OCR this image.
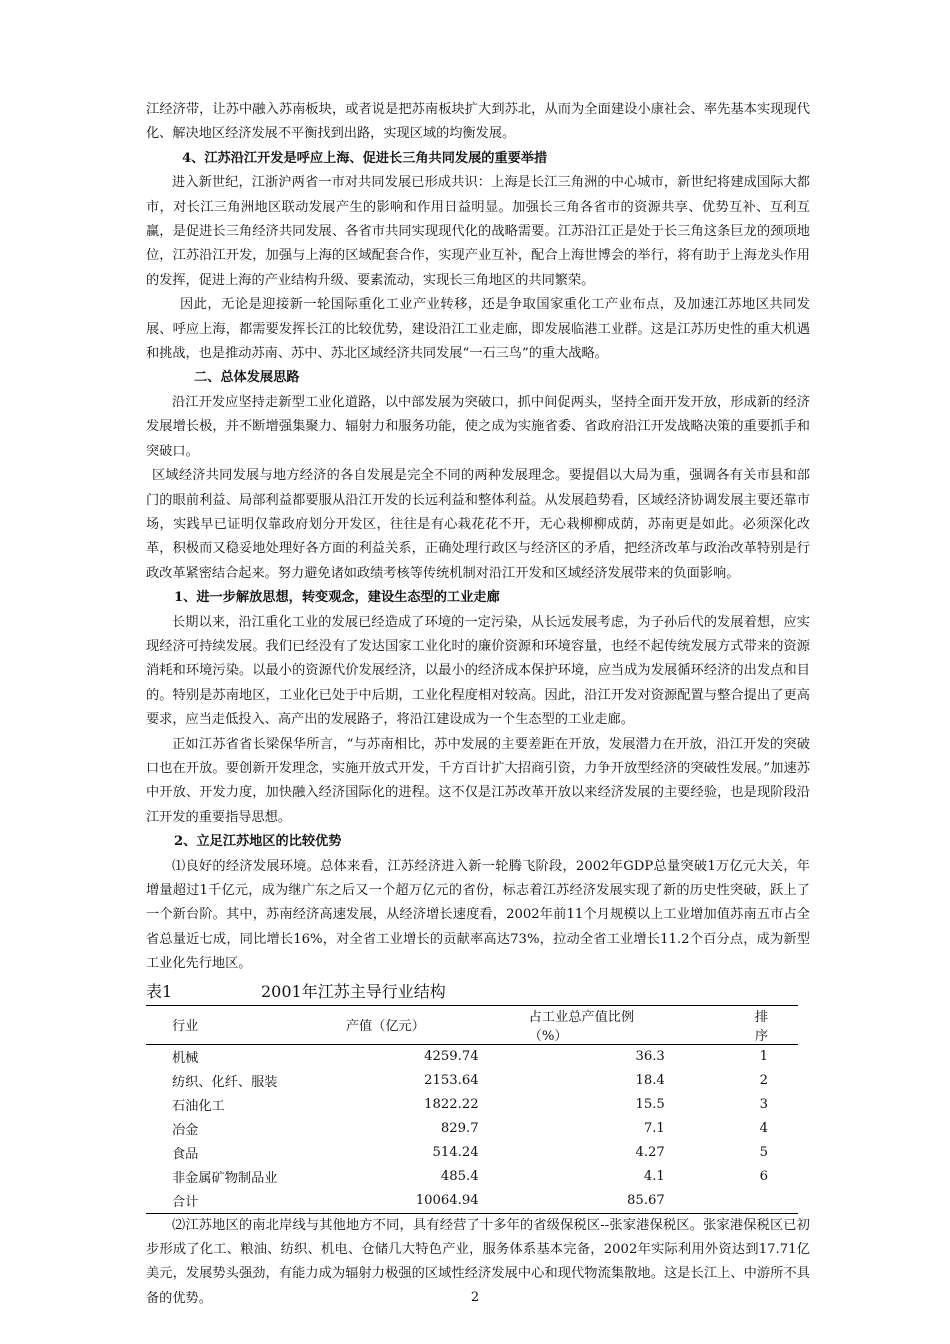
江经济带，让苏中融入苏南板块，或者说是把苏南板块扩大到苏北，从而为全面建设小康社会、率先基本实现现代化、解决地区经济发展不平衡找到出路，实现区域的均衡发展。

4、江苏沿江开发是呼应上海、促进长三角共同发展的重要举措

进入新世纪，江浙沪两省一市对共同发展已形成共识：上海是长江三角洲的中心城市，新世纪将建成国际大都市，对长江三角洲地区联动发展产生的影响和作用日益明显。加强长三角各省市的资源共享、优势互补、互利互赢，是促进长三角经济共同发展、各省市共同实现现代化的战略需要。江苏沿江正是处于长三角这条巨龙的颈项地位，江苏沿江开发，加强与上海的区域配套合作，实现产业互补，配合上海世博会的举行，将有助于上海龙头作用的发挥，促进上海的产业结构升级、要素流动，实现长三角地区的共同繁荣。

因此，无论是迎接新一轮国际重化工业产业转移，还是争取国家重化工产业布点，及加速江苏地区共同发展、呼应上海，都需要发挥长江的比较优势，建设沿江工业走廊，即发展临港工业群。这是江苏历史性的重大机遇和挑战，也是推动苏南、苏中、苏北区域经济共同发展“一石三鸟”的重大战略。

二、总体发展思路

沿江开发应坚持走新型工业化道路，以中部发展为突破口，抓中间促两头，坚持全面开发开放，形成新的经济发展增长极，并不断增强集聚力、辐射力和服务功能，使之成为实施省委、省政府沿江开发战略决策的重要抓手和突破口。

区域经济共同发展与地方经济的各自发展是完全不同的两种发展理念。要提倡以大局为重，强调各有关市县和部门的眼前利益、局部利益都要服从沿江开发的长远利益和整体利益。从发展趋势看，区域经济协调发展主要还靠市场，实践早已证明仅靠政府划分开发区，往往是有心栽花花不开，无心栽柳柳成荫，苏南更是如此。必须深化改革，积极而又稳妥地处理好各方面的利益关系，正确处理行政区与经济区的矛盾，把经济改革与政治改革特别是行政改革紧密结合起来。努力避免诸如政绩考核等传统机制对沿江开发和区域经济发展带来的负面影响。

1、进一步解放思想，转变观念，建设生态型的工业走廊

长期以来，沿江重化工业的发展已经造成了环境的一定污染，从长远发展考虑，为子孙后代的发展着想，应实现经济可持续发展。我们已经没有了发达国家工业化时的廉价资源和环境容量，也经不起传统发展方式带来的资源消耗和环境污染。以最小的资源代价发展经济，以最小的经济成本保护环境，应当成为发展循环经济的出发点和目的。特别是苏南地区，工业化已处于中后期，工业化程度相对较高。因此，沿江开发对资源配置与整合提出了更高要求，应当走低投入、高产出的发展路子，将沿江建设成为一个生态型的工业走廊。

正如江苏省省长梁保华所言，“与苏南相比，苏中发展的主要差距在开放，发展潜力在开放，沿江开发的突破口也在开放。要创新开发理念，实施开放式开发，千方百计扩大招商引资，力争开放型经济的突破性发展。”加速苏中开放、开发力度，加快融入经济国际化的进程。这不仅是江苏改革开放以来经济发展的主要经验，也是现阶段沿江开发的重要指导思想。

2、立足江苏地区的比较优势

⑴良好的经济发展环境。总体来看，江苏经济进入新一轮腾飞阶段，2002年GDP总量突破1万亿元大关，年增量超过1千亿元，成为继广东之后又一个超万亿元的省份，标志着江苏经济发展实现了新的历史性突破，跃上了一个新台阶。其中，苏南经济高速发展，从经济增长速度看，2002年前11个月规模以上工业增加值苏南五市占全省总量近七成，同比增长16%，对全省工业增长的贡献率高达73%，拉动全省工业增长11.2个百分点，成为新型工业化先行地区。

表1	2001年江苏主导行业结构
行业	产值（亿元）	占工业总产值比例（%）	排序
机械	4259.74	36.3	1
纺织、化纤、服装	2153.64	18.4	2
石油化工	1822.22	15.5	3
冶金	829.7	7.1	4
食品	514.24	4.27	5
非金属矿物制品业	485.4	4.1	6
合计	10064.94	85.67	

⑵江苏地区的南北岸线与其他地方不同，具有经营了十多年的省级保税区--张家港保税区。张家港保税区已初步形成了化工、粮油、纺织、机电、仓储几大特色产业，服务体系基本完备，2002年实际利用外资达到17.71亿美元，发展势头强劲，有能力成为辐射力极强的区域性经济发展中心和现代物流集散地。这是长江上、中游所不具备的优势。	2
